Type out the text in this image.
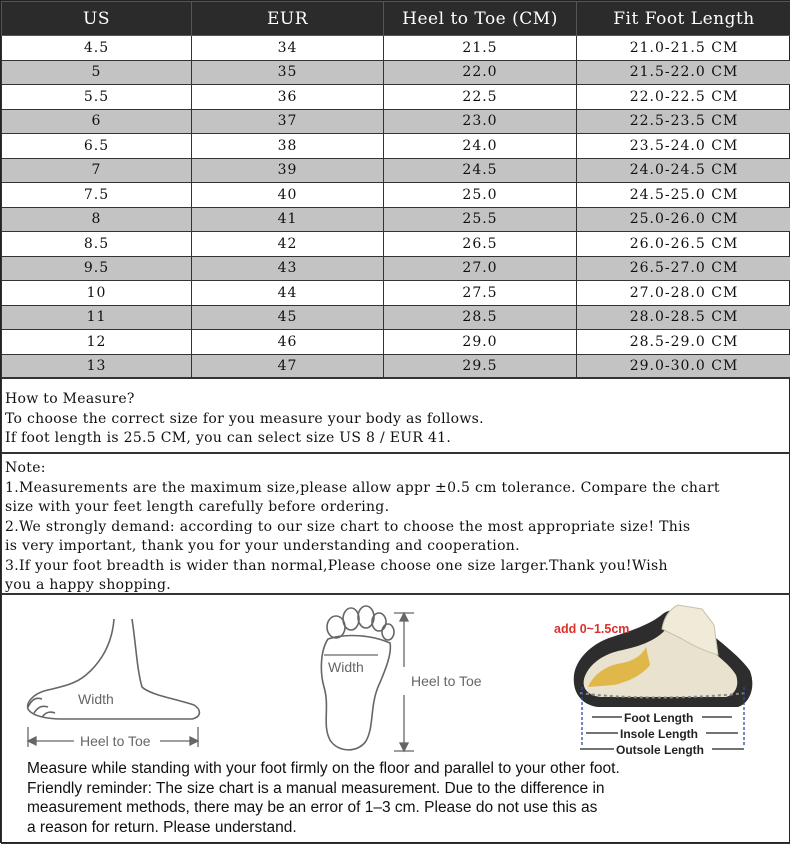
US	EUR	Heel to Toe (CM)	Fit Foot Length
4.5	34	21.5	21.0-21.5 CM
5	35	22.0	21.5-22.0 CM
5.5	36	22.5	22.0-22.5 CM
6	37	23.0	22.5-23.5 CM
6.5	38	24.0	23.5-24.0 CM
7	39	24.5	24.0-24.5 CM
7.5	40	25.0	24.5-25.0 CM
8	41	25.5	25.0-26.0 CM
8.5	42	26.5	26.0-26.5 CM
9.5	43	27.0	26.5-27.0 CM
10	44	27.5	27.0-28.0 CM
11	45	28.5	28.0-28.5 CM
12	46	29.0	28.5-29.0 CM
13	47	29.5	29.0-30.0 CM
How to Measure?
To choose the correct size for you measure your body as follows.
If foot length is 25.5 CM, you can select size US 8 / EUR 41.
Note:
1.Measurements are the maximum size,please allow appr ±0.5 cm tolerance. Compare the chart
size with your feet length carefully before ordering.
2.We strongly demand: according to our size chart to choose the most appropriate size! This
is very important, thank you for your understanding and cooperation.
3.If your foot breadth is wider than normal,Please choose one size larger.Thank you!Wish
you a happy shopping.
Width
Heel to Toe
Width
Heel to Toe
add 0~1.5cm
Foot Length
Insole Length
Outsole Length
Measure while standing with your foot firmly on the floor and parallel to your other foot.
Friendly reminder: The size chart is a manual measurement. Due to the difference in
measurement methods, there may be an error of 1–3 cm. Please do not use this as
a reason for return. Please understand.
